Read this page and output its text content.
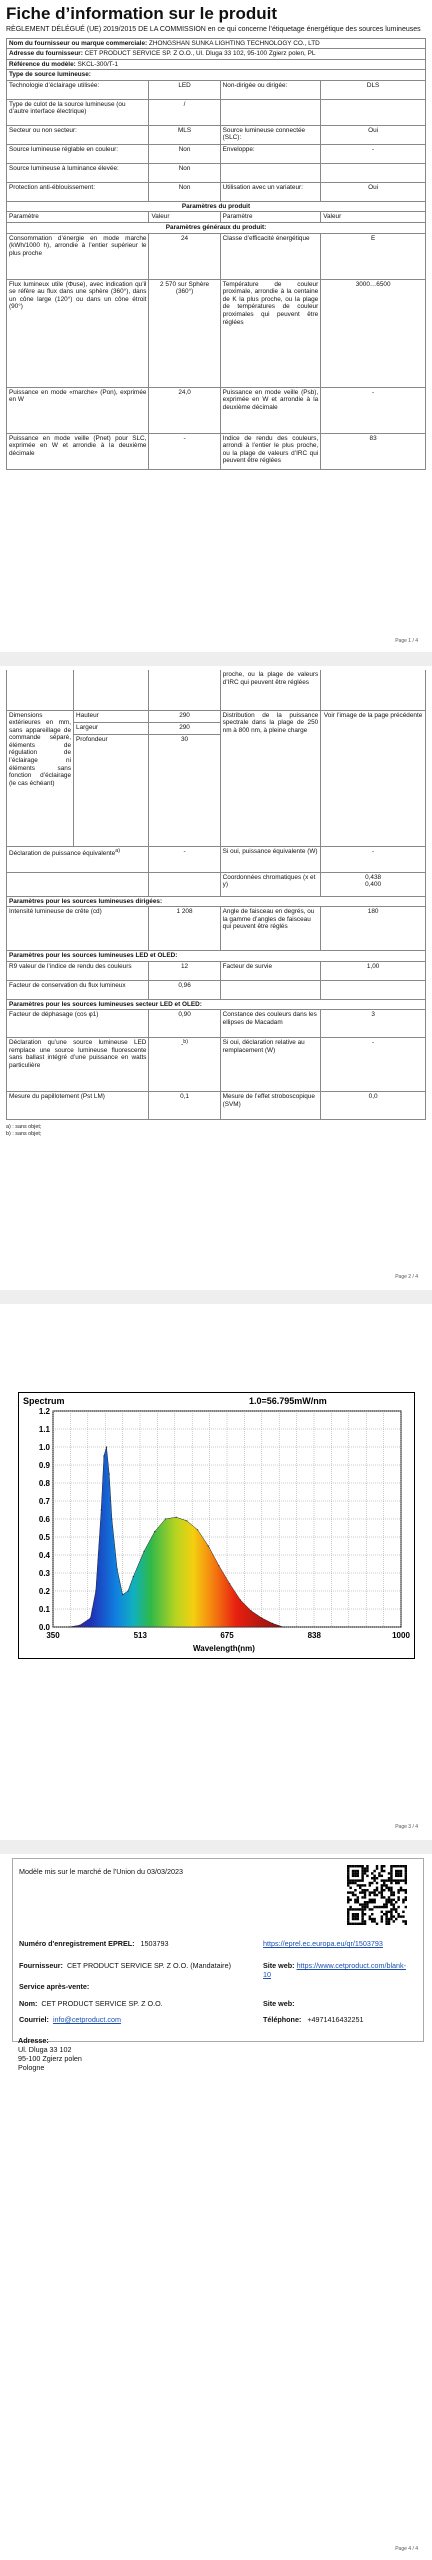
Fiche d’information sur le produit
RÈGLEMENT DÉLÉGUÉ (UE) 2019/2015 DE LA COMMISSION en ce qui concerne l’étiquetage énergétique des sources lumineuses
Nom du fournisseur ou marque commerciale: ZHONGSHAN SUNKA LIGHTING TECHNOLOGY CO., LTD			
Adresse du fournisseur: CET PRODUCT SERVICE SP. Z O.O., Ul. Dluga 33 102, 95-100 Zgierz polen, PL			
Référence du modèle: SKCL-300/T-1			
Type de source lumineuse:			
Technologie d’éclairage utilisée:	LED	Non-dirigée ou dirigée:	DLS
Type de culot de la source lumineuse (ou d’autre interface électrique)	/		
Secteur ou non secteur:	MLS	Source lumineuse connectée (SLC):	Oui
Source lumineuse réglable en couleur:	Non	Enveloppe:	-
Source lumineuse à luminance élevée:	Non		
Protection anti-éblouissement:	Non	Utilisation avec un variateur:	Oui
Paramètres du produit			
Paramètre	Valeur	Paramètre	Valeur
Paramètres généraux du produit:			
Consommation d’énergie en mode marche (kWh/1000 h), arrondie à l’entier supérieur le plus proche	24	Classe d’efficacité énergétique	E
Flux lumineux utile (Φuse), avec indication qu’il se réfère au flux dans une sphère (360°), dans un cône large (120°) ou dans un cône étroit (90°)	2 570 sur Sphère (360°)	Température de couleur proximale, arrondie à la centaine de K la plus proche, ou la plage de températures de couleur proximales qui peuvent être réglées	3000…6500
Puissance en mode «marche» (Pon), exprimée en W	24,0	Puissance en mode veille (Psb), exprimée en W et arrondie à la deuxième décimale	-
Puissance en mode veille (Pnet) pour SLC, exprimée en W et arrondie à la deuxième décimale	-	Indice de rendu des couleurs, arrondi à l’entier le plus proche, ou la plage de valeurs d’IRC qui peuvent être réglées	83
Page 1 / 4
			proche, ou la plage de valeurs d’IRC qui peuvent être réglées	
Dimensions extérieures en mm, sans appareillage de commande séparé, éléments de régulation de l’éclairage ni éléments sans fonction d’éclairage (le cas échéant)	Hauteur	290	Distribution de la puissance spectrale dans la plage de 250 nm à 800 nm, à pleine charge	Voir l’image de la page précédente
	Largeur	290		
	Profondeur	30		
Déclaration de puissance équivalente$^{a)}$		-	Si oui, puissance équivalente (W)	-
			Coordonnées chromatiques (x et y)	0,438
0,400

Paramètres pour les sources lumineuses dirigées:				
Intensité lumineuse de crête (cd)		1 208	Angle de faisceau en degrés, ou la gamme d’angles de faisceau qui peuvent être réglés	180
Paramètres pour les sources lumineuses LED et OLED:				
R9 valeur de l’indice de rendu des couleurs		12	Facteur de survie	1,00
Facteur de conservation du flux lumineux		0,96		
Paramètres pour les sources lumineuses secteur LED et OLED:				
Facteur de déphasage (cos φ1)		0,90	Constance des couleurs dans les ellipses de Macadam	3
Déclaration qu’une source lumineuse LED remplace une source lumineuse fluorescente sans ballast intégré d’une puissance en watts particulière		-$^{b)}$	Si oui, déclaration relative au remplacement (W)	-
Mesure du papillotement (Pst LM)		0,1	Mesure de l’effet stroboscopique (SVM)	0,0
a) : sans objet;
b) : sans objet;
Page 2 / 4
Page 3 / 4
0.0
0.1
0.2
0.3
0.4
0.5
0.6
0.7
0.8
0.9
1.0
1.1
1.2
350	513	675	838	1000
Spectrum	1.0=56.795mW/nm
Wavelength(nm)
Page 4 / 4
Modèle mis sur le marché de l'Union du 03/03/2023
Numéro d'enregistrement EPREL: 1503793	https://eprel.ec.europa.eu/qr/1503793
Fournisseur: CET PRODUCT SERVICE SP. Z O.O. (Mandataire)	Site web: https://www.cetproduct.com/blank-10
Service après-vente:
Nom: CET PRODUCT SERVICE SP. Z O.O.	Site web:
Courriel: info@cetproduct.com	Téléphone: +4971416432251
Adresse:
Ul. Dluga 33 102
95-100 Zgierz polen
Pologne
